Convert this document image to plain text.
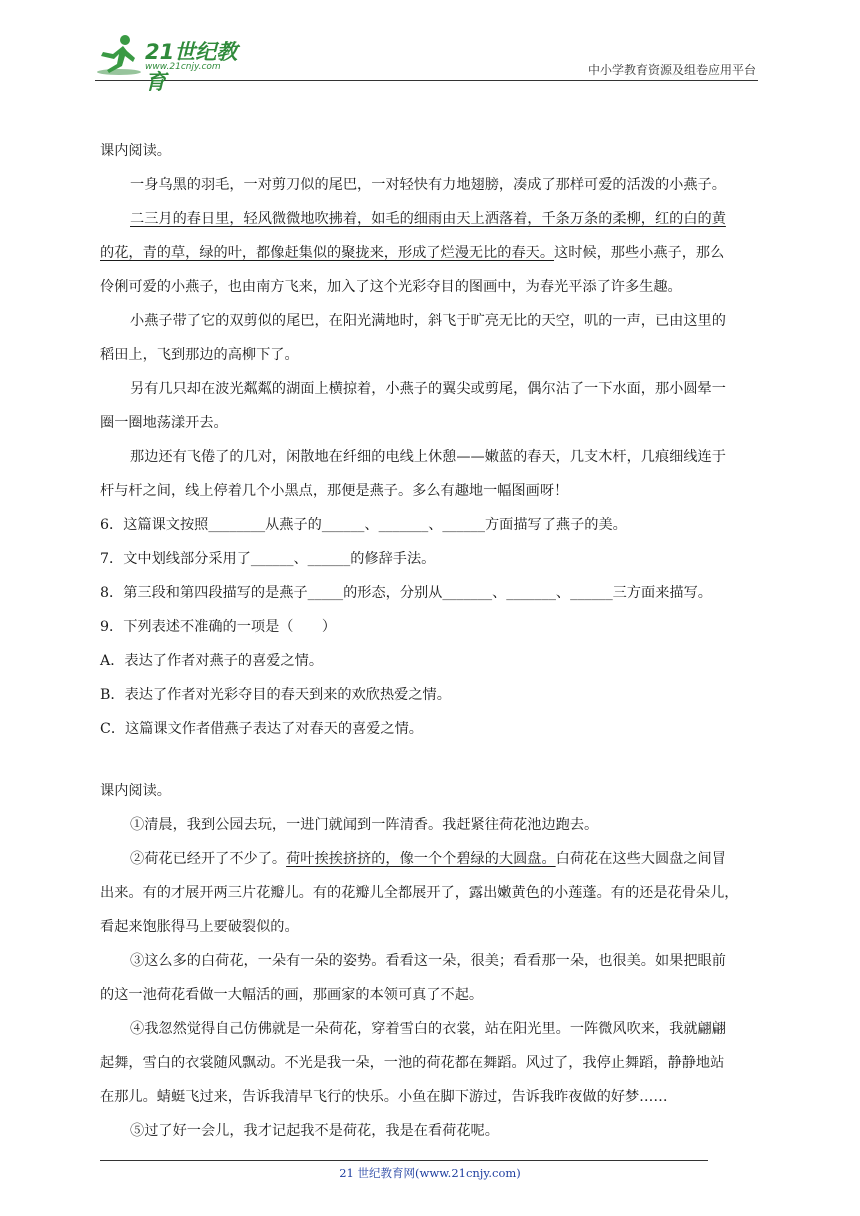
21世纪教育
www.21cnjy.com	中小学教育资源及组卷应用平台

课内阅读。

一身乌黑的羽毛，一对剪刀似的尾巴，一对轻快有力地翅膀，凑成了那样可爱的活泼的小燕子。

二三月的春日里，轻风微微地吹拂着，如毛的细雨由天上洒落着，千条万条的柔柳，红的白的黄

的花，青的草，绿的叶，都像赶集似的聚拢来，形成了烂漫无比的春天。这时候，那些小燕子，那么

伶俐可爱的小燕子，也由南方飞来，加入了这个光彩夺目的图画中，为春光平添了许多生趣。

小燕子带了它的双剪似的尾巴，在阳光满地时，斜飞于旷亮无比的天空，叽的一声，已由这里的

稻田上，飞到那边的高柳下了。

另有几只却在波光粼粼的湖面上横掠着，小燕子的翼尖或剪尾，偶尔沾了一下水面，那小圆晕一

圈一圈地荡漾开去。

那边还有飞倦了的几对，闲散地在纤细的电线上休憩——嫩蓝的春天，几支木杆，几痕细线连于

杆与杆之间，线上停着几个小黑点，那便是燕子。多么有趣地一幅图画呀！

6．这篇课文按照________从燕子的______、_______、______方面描写了燕子的美。

7．文中划线部分采用了______、______的修辞手法。

8．第三段和第四段描写的是燕子_____的形态，分别从_______、_______、______三方面来描写。

9．下列表述不准确的一项是（　　）

A．表达了作者对燕子的喜爱之情。

B．表达了作者对光彩夺目的春天到来的欢欣热爱之情。

C．这篇课文作者借燕子表达了对春天的喜爱之情。

课内阅读。

①清晨，我到公园去玩，一进门就闻到一阵清香。我赶紧往荷花池边跑去。

②荷花已经开了不少了。荷叶挨挨挤挤的，像一个个碧绿的大圆盘。白荷花在这些大圆盘之间冒

出来。有的才展开两三片花瓣儿。有的花瓣儿全都展开了，露出嫩黄色的小莲蓬。有的还是花骨朵儿，

看起来饱胀得马上要破裂似的。

③这么多的白荷花，一朵有一朵的姿势。看看这一朵，很美；看看那一朵，也很美。如果把眼前

的这一池荷花看做一大幅活的画，那画家的本领可真了不起。

④我忽然觉得自己仿佛就是一朵荷花，穿着雪白的衣裳，站在阳光里。一阵微风吹来，我就翩翩

起舞，雪白的衣裳随风飘动。不光是我一朵，一池的荷花都在舞蹈。风过了，我停止舞蹈，静静地站

在那儿。蜻蜓飞过来，告诉我清早飞行的快乐。小鱼在脚下游过，告诉我昨夜做的好梦……

⑤过了好一会儿，我才记起我不是荷花，我是在看荷花呢。

21 世纪教育网(www.21cnjy.com)
